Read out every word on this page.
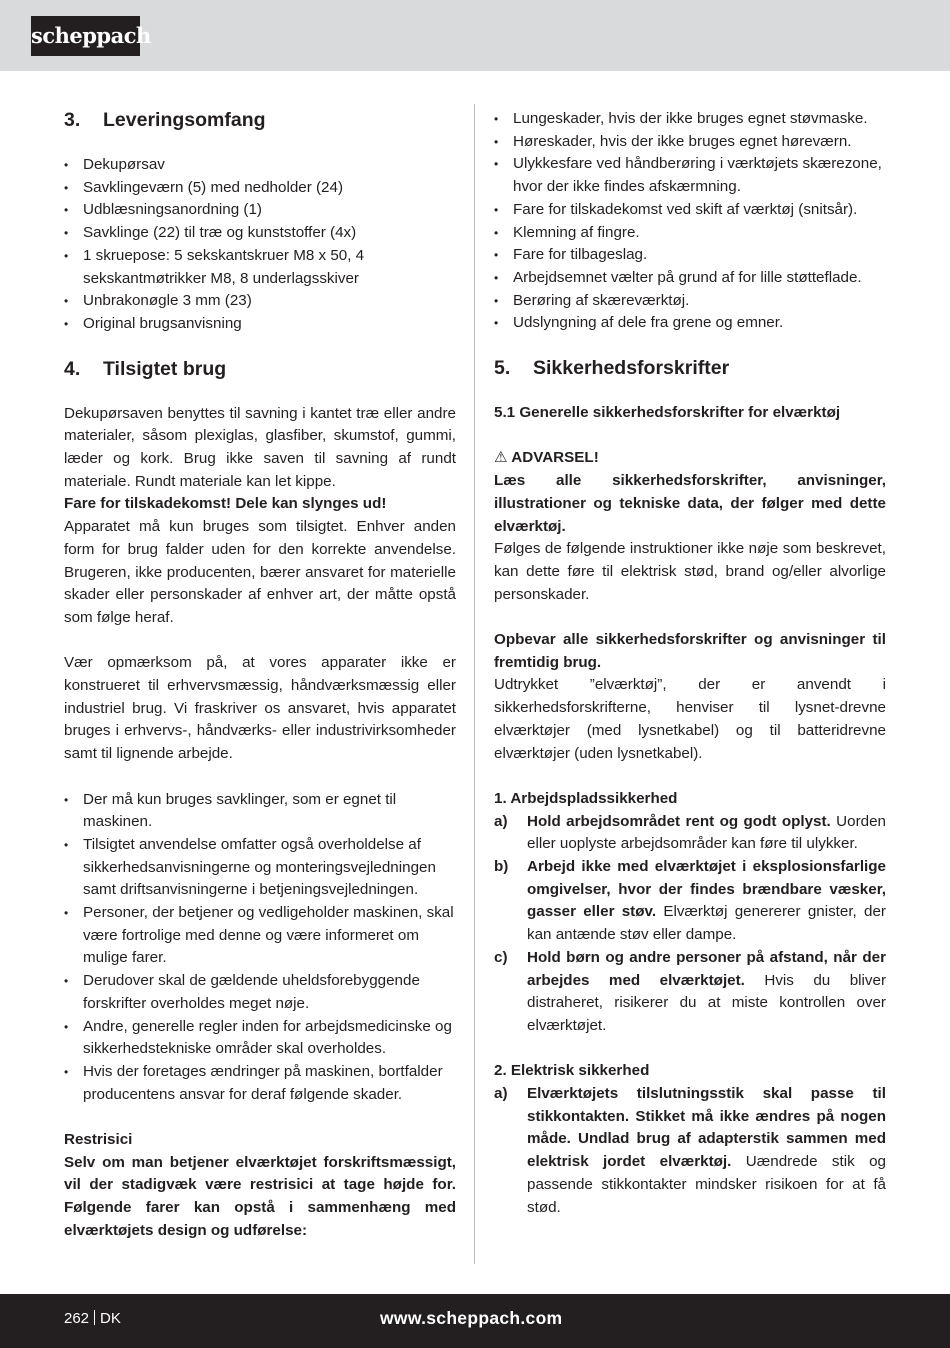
scheppach
3.	Leveringsomfang
• Dekupørsav
• Savklingeværn (5) med nedholder (24)
• Udblæsningsanordning (1)
• Savklinge (22) til træ og kunststoffer (4x)
• 1 skruepose: 5 sekskantskruer M8 x 50, 4 sekskantmøtrikker M8, 8 underlagsskiver
• Unbrakonøgle 3 mm (23)
• Original brugsanvisning
4.	Tilsigtet brug

Dekupørsaven benyttes til savning i kantet træ eller andre materialer, såsom plexiglas, glasfiber, skumstof, gummi, læder og kork. Brug ikke saven til savning af rundt materiale. Rundt materiale kan let kippe.

Fare for tilskadekomst! Dele kan slynges ud!

Apparatet må kun bruges som tilsigtet. Enhver anden form for brug falder uden for den korrekte anvendelse. Brugeren, ikke producenten, bærer ansvaret for materielle skader eller personskader af enhver art, der måtte opstå som følge heraf.

Vær opmærksom på, at vores apparater ikke er konstrueret til erhvervsmæssig, håndværksmæssig eller industriel brug. Vi fraskriver os ansvaret, hvis apparatet bruges i erhvervs-, håndværks- eller industrivirksomheder samt til lignende arbejde.

• Der må kun bruges savklinger, som er egnet til maskinen.
• Tilsigtet anvendelse omfatter også overholdelse af sikkerhedsanvisningerne og monteringsvejledningen samt driftsanvisningerne i betjeningsvejledningen.
• Personer, der betjener og vedligeholder maskinen, skal være fortrolige med denne og være informeret om mulige farer.
• Derudover skal de gældende uheldsforebyggende forskrifter overholdes meget nøje.
• Andre, generelle regler inden for arbejdsmedicinske og sikkerhedstekniske områder skal overholdes.
• Hvis der foretages ændringer på maskinen, bortfalder producentens ansvar for deraf følgende skader.

Restrisici

Selv om man betjener elværktøjet forskriftsmæssigt, vil der stadigvæk være restrisici at tage højde for. Følgende farer kan opstå i sammenhæng med elværktøjets design og udførelse:

• Lungeskader, hvis der ikke bruges egnet støvmaske.
• Høreskader, hvis der ikke bruges egnet høreværn.
• Ulykkesfare ved håndberøring i værktøjets skærezone, hvor der ikke findes afskærmning.
• Fare for tilskadekomst ved skift af værktøj (snitsår).
• Klemning af fingre.
• Fare for tilbageslag.
• Arbejdsemnet vælter på grund af for lille støtteflade.
• Berøring af skæreværktøj.
• Udslyngning af dele fra grene og emner.
5.	Sikkerhedsforskrifter

5.1 Generelle sikkerhedsforskrifter for elværktøj

⚠ ADVARSEL!

Læs alle sikkerhedsforskrifter, anvisninger, illustrationer og tekniske data, der følger med dette elværktøj.

Følges de følgende instruktioner ikke nøje som beskrevet, kan dette føre til elektrisk stød, brand og/eller alvorlige personskader.

Opbevar alle sikkerhedsforskrifter og anvisninger til fremtidig brug.

Udtrykket ”elværktøj”, der er anvendt i sikkerhedsforskrifterne, henviser til lysnet-drevne elværktøjer (med lysnetkabel) og til batteridrevne elværktøjer (uden lysnetkabel).

1. Arbejdspladssikkerhed

a) Hold arbejdsområdet rent og godt oplyst. Uorden eller uoplyste arbejdsområder kan føre til ulykker.
b) Arbejd ikke med elværktøjet i eksplosionsfarlige omgivelser, hvor der findes brændbare væsker, gasser eller støv. Elværktøj genererer gnister, der kan antænde støv eller dampe.
c) Hold børn og andre personer på afstand, når der arbejdes med elværktøjet. Hvis du bliver distraheret, risikerer du at miste kontrollen over elværktøjet.

2. Elektrisk sikkerhed

a) Elværktøjets tilslutningsstik skal passe til stikkontakten. Stikket må ikke ændres på nogen måde. Undlad brug af adapterstik sammen med elektrisk jordet elværktøj. Uændrede stik og passende stikkontakter mindsker risikoen for at få stød.
262 DK	www.scheppach.com
